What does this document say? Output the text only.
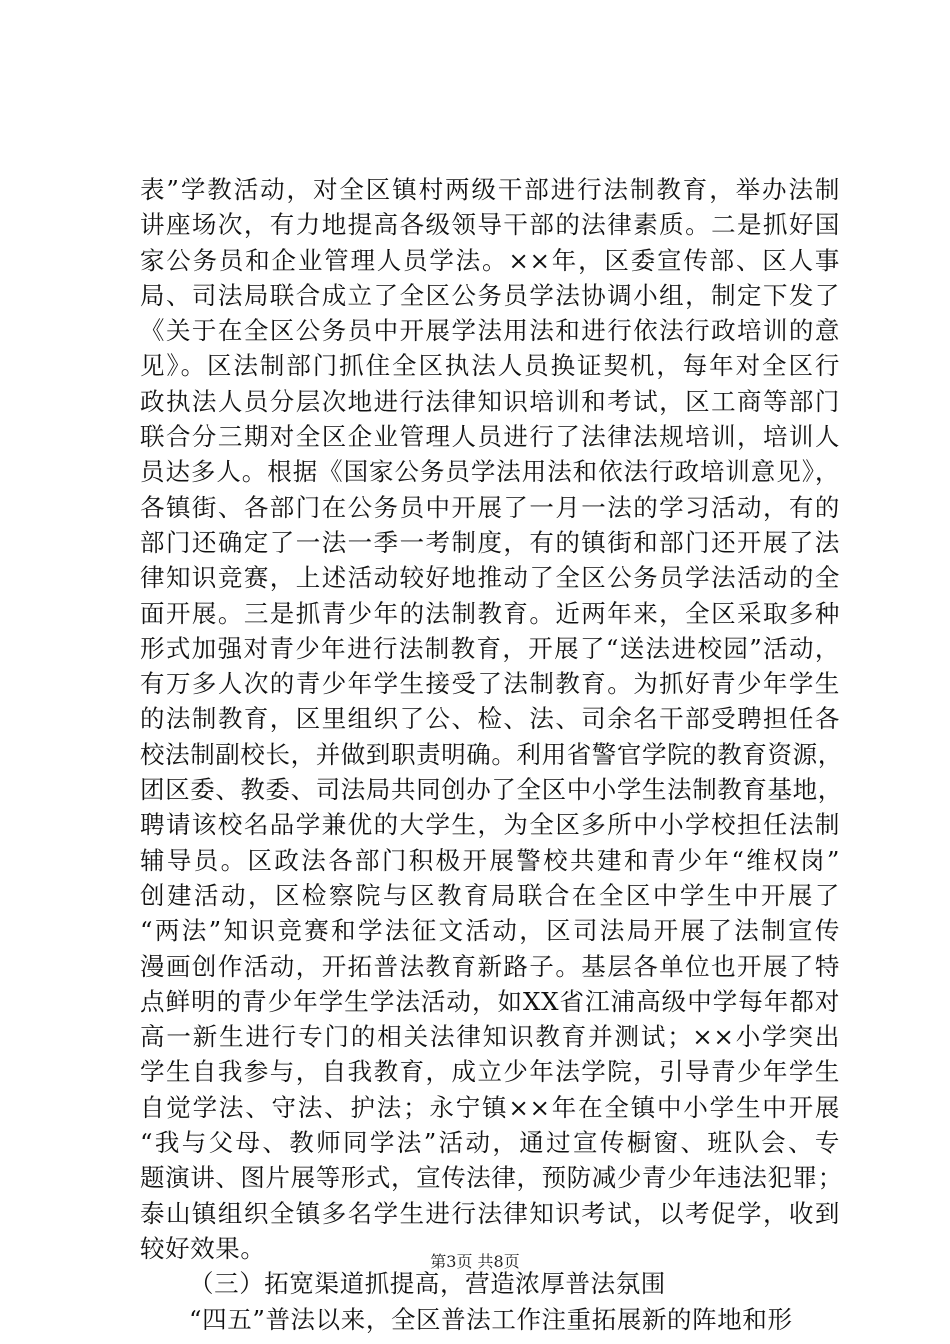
表”学教活动，对全区镇村两级干部进行法制教育，举办法制
讲座场次，有力地提高各级领导干部的法律素质。二是抓好国
家公务员和企业管理人员学法。××年，区委宣传部、区人事
局、司法局联合成立了全区公务员学法协调小组，制定下发了
《关于在全区公务员中开展学法用法和进行依法行政培训的意
见》。区法制部门抓住全区执法人员换证契机，每年对全区行
政执法人员分层次地进行法律知识培训和考试，区工商等部门
联合分三期对全区企业管理人员进行了法律法规培训，培训人
员达多人。根据《国家公务员学法用法和依法行政培训意见》，
各镇街、各部门在公务员中开展了一月一法的学习活动，有的
部门还确定了一法一季一考制度，有的镇街和部门还开展了法
律知识竞赛，上述活动较好地推动了全区公务员学法活动的全
面开展。三是抓青少年的法制教育。近两年来，全区采取多种
形式加强对青少年进行法制教育，开展了“送法进校园”活动，
有万多人次的青少年学生接受了法制教育。为抓好青少年学生
的法制教育，区里组织了公、检、法、司余名干部受聘担任各
校法制副校长，并做到职责明确。利用省警官学院的教育资源，
团区委、教委、司法局共同创办了全区中小学生法制教育基地，
聘请该校名品学兼优的大学生，为全区多所中小学校担任法制
辅导员。区政法各部门积极开展警校共建和青少年“维权岗”
创建活动，区检察院与区教育局联合在全区中学生中开展了
“两法”知识竞赛和学法征文活动，区司法局开展了法制宣传
漫画创作活动，开拓普法教育新路子。基层各单位也开展了特
点鲜明的青少年学生学法活动，如XX省江浦高级中学每年都对
高一新生进行专门的相关法律知识教育并测试；××小学突出
学生自我参与，自我教育，成立少年法学院，引导青少年学生
自觉学法、守法、护法；永宁镇××年在全镇中小学生中开展
“我与父母、教师同学法”活动，通过宣传橱窗、班队会、专
题演讲、图片展等形式，宣传法律，预防减少青少年违法犯罪；
泰山镇组织全镇多名学生进行法律知识考试，以考促学，收到
较好效果。
（三）拓宽渠道抓提高，营造浓厚普法氛围
“四五”普法以来，全区普法工作注重拓展新的阵地和形
第3页 共8页
